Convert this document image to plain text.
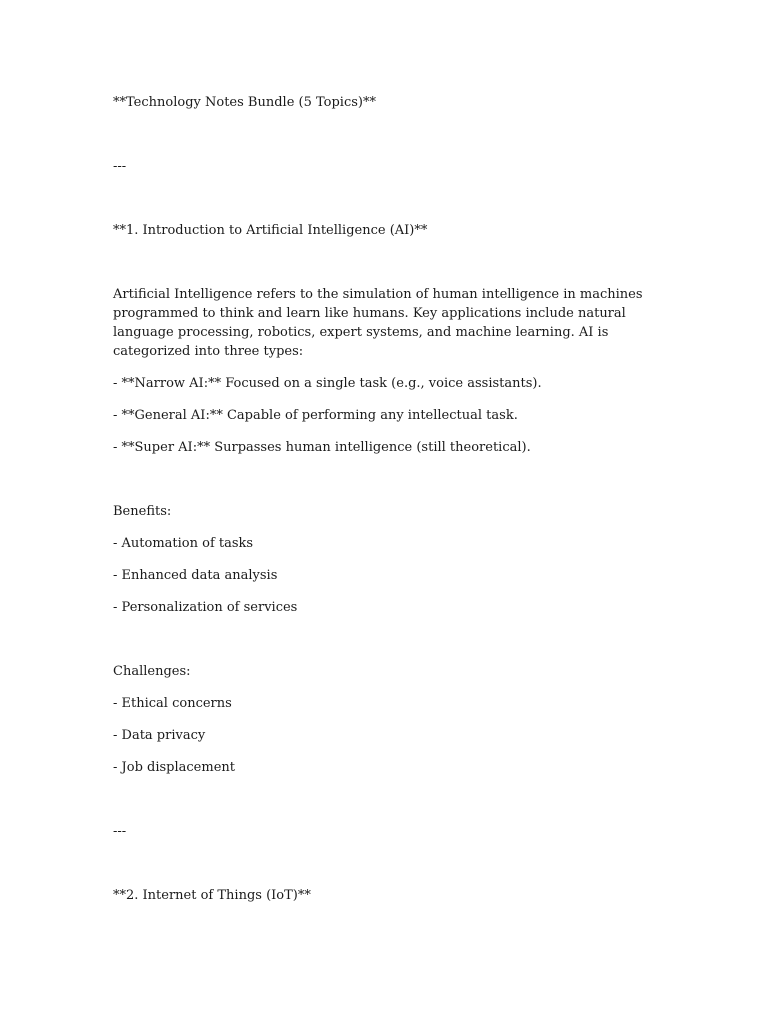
**Technology Notes Bundle (5 Topics)**

---

**1. Introduction to Artificial Intelligence (AI)**

Artificial Intelligence refers to the simulation of human intelligence in machines programmed to think and learn like humans. Key applications include natural language processing, robotics, expert systems, and machine learning. AI is categorized into three types:

- **Narrow AI:** Focused on a single task (e.g., voice assistants).

- **General AI:** Capable of performing any intellectual task.

- **Super AI:** Surpasses human intelligence (still theoretical).

Benefits:

- Automation of tasks

- Enhanced data analysis

- Personalization of services

Challenges:

- Ethical concerns

- Data privacy

- Job displacement

---

**2. Internet of Things (IoT)**
